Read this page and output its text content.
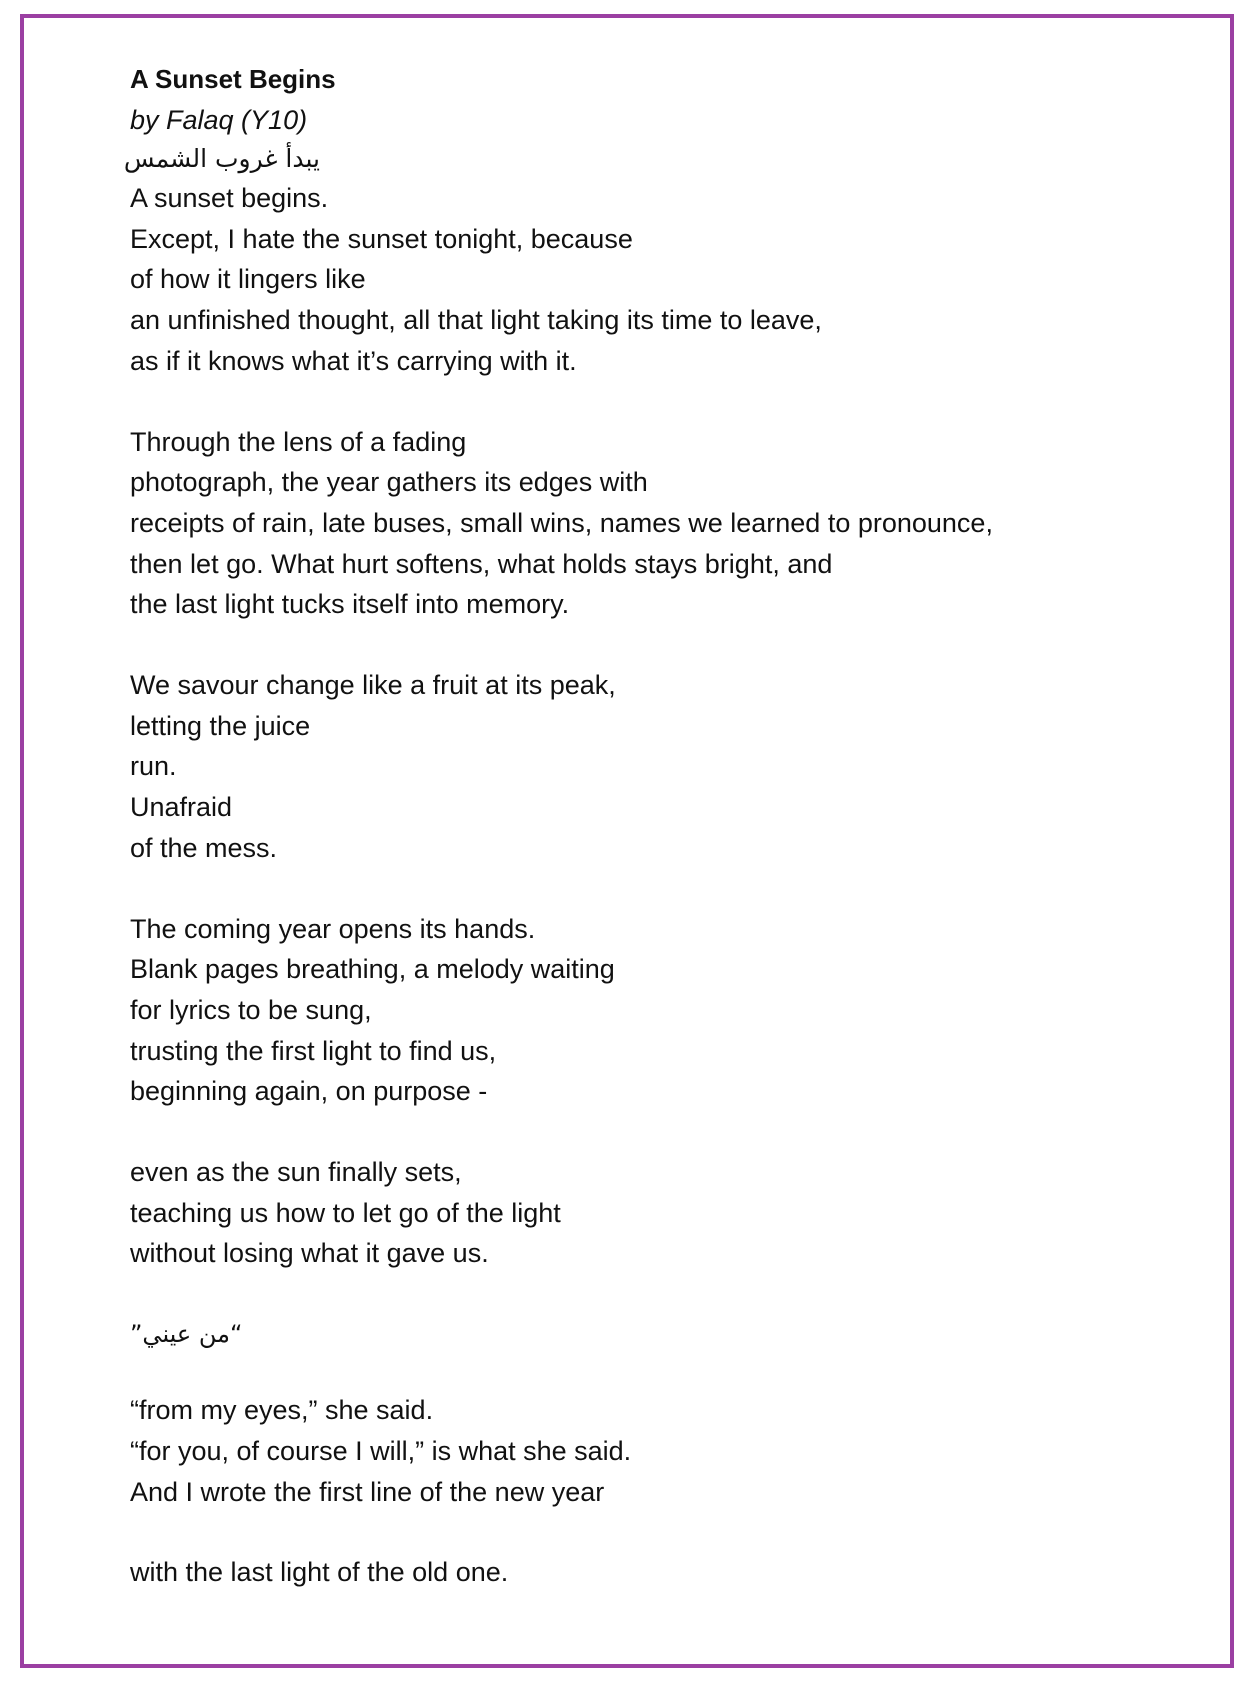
A Sunset Begins
by Falaq (Y10)
يبدأ غروب الشمس
A sunset begins.
Except, I hate the sunset tonight, because
of how it lingers like
an unfinished thought, all that light taking its time to leave,
as if it knows what it’s carrying with it.
Through the lens of a fading
photograph, the year gathers its edges with
receipts of rain, late buses, small wins, names we learned to pronounce,
then let go. What hurt softens, what holds stays bright, and
the last light tucks itself into memory.
We savour change like a fruit at its peak,
letting the juice
run.
Unafraid
of the mess.
The coming year opens its hands.
Blank pages breathing, a melody waiting
for lyrics to be sung,
trusting the first light to find us,
beginning again, on purpose -
even as the sun finally sets,
teaching us how to let go of the light
without losing what it gave us.
“من عيني”
“from my eyes,” she said.
“for you, of course I will,” is what she said.
And I wrote the first line of the new year
with the last light of the old one.
